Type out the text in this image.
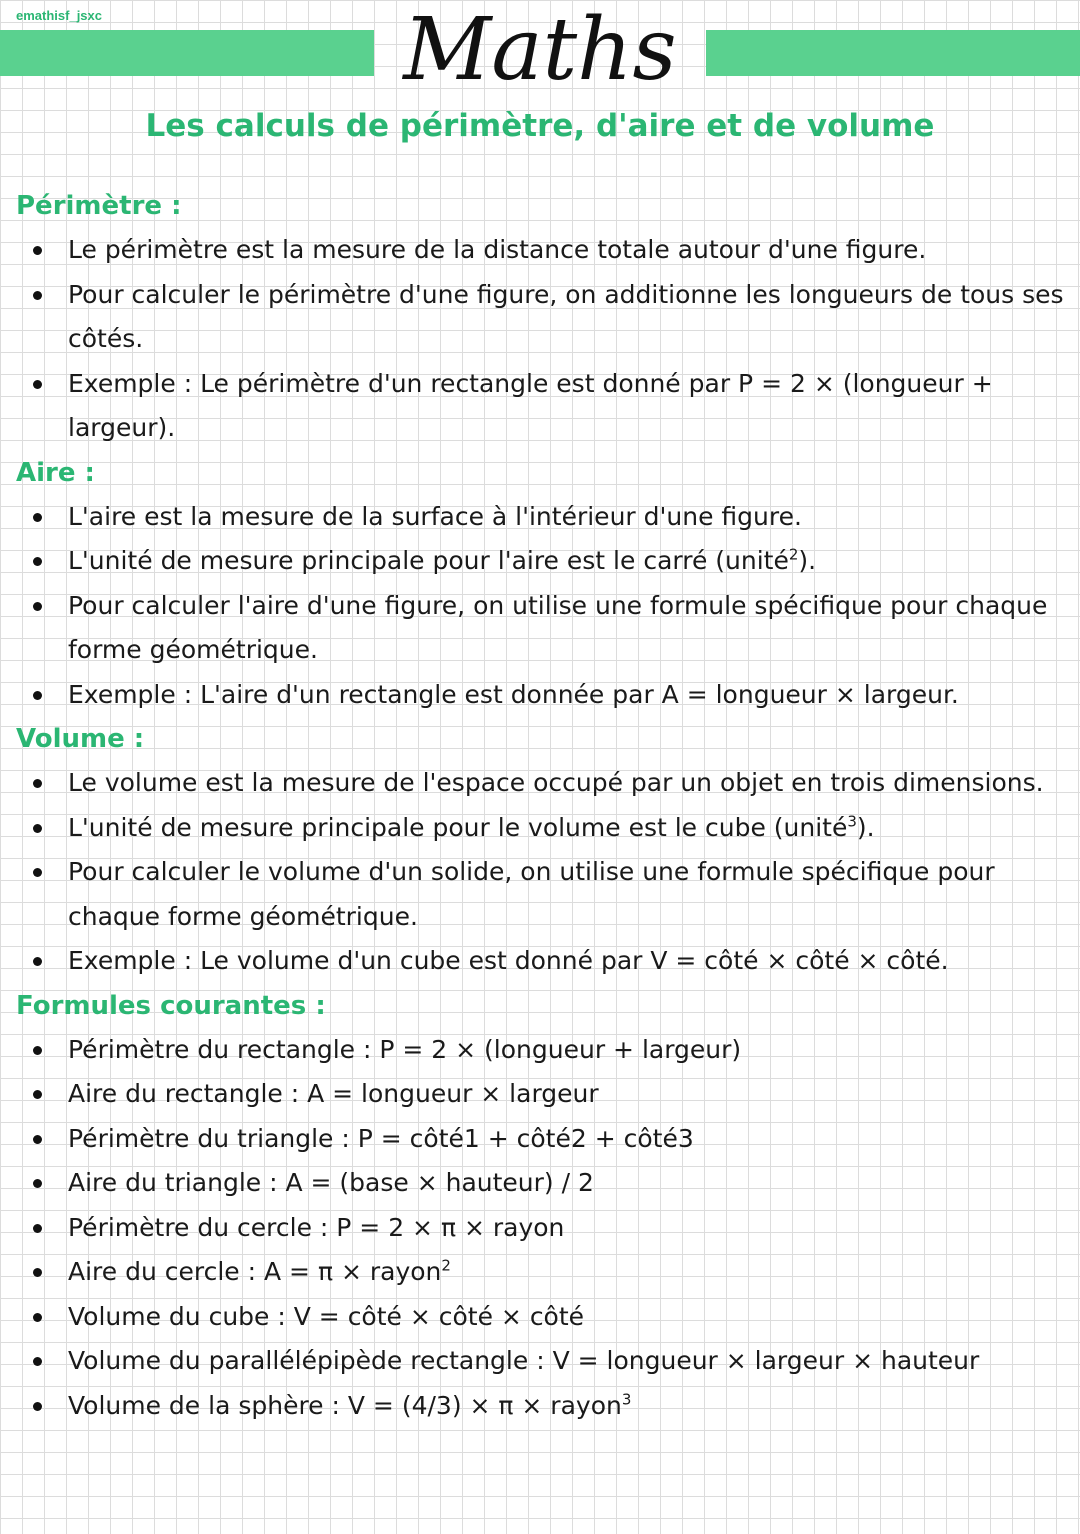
emathisf_jsxc	Maths
Les calculs de périmètre, d'aire et de volume
Périmètre :
Le périmètre est la mesure de la distance totale autour d'une figure.
Pour calculer le périmètre d'une figure, on additionne les longueurs de tous ses côtés.
Exemple : Le périmètre d'un rectangle est donné par P = 2 × (longueur + largeur).
Aire :
L'aire est la mesure de la surface à l'intérieur d'une figure.
L'unité de mesure principale pour l'aire est le carré (unité$^2$).
Pour calculer l'aire d'une figure, on utilise une formule spécifique pour chaque forme géométrique.
Exemple : L'aire d'un rectangle est donnée par A = longueur × largeur.
Volume :
Le volume est la mesure de l'espace occupé par un objet en trois dimensions.
L'unité de mesure principale pour le volume est le cube (unité$^3$).
Pour calculer le volume d'un solide, on utilise une formule spécifique pour chaque forme géométrique.
Exemple : Le volume d'un cube est donné par V = côté × côté × côté.
Formules courantes :
Périmètre du rectangle : P = 2 × (longueur + largeur)
Aire du rectangle : A = longueur × largeur
Périmètre du triangle : P = côté1 + côté2 + côté3
Aire du triangle : A = (base × hauteur) / 2
Périmètre du cercle : P = 2 × π × rayon
Aire du cercle : A = π × rayon$^2$
Volume du cube : V = côté × côté × côté
Volume du parallélépipède rectangle : V = longueur × largeur × hauteur
Volume de la sphère : V = (4/3) × π × rayon$^3$
